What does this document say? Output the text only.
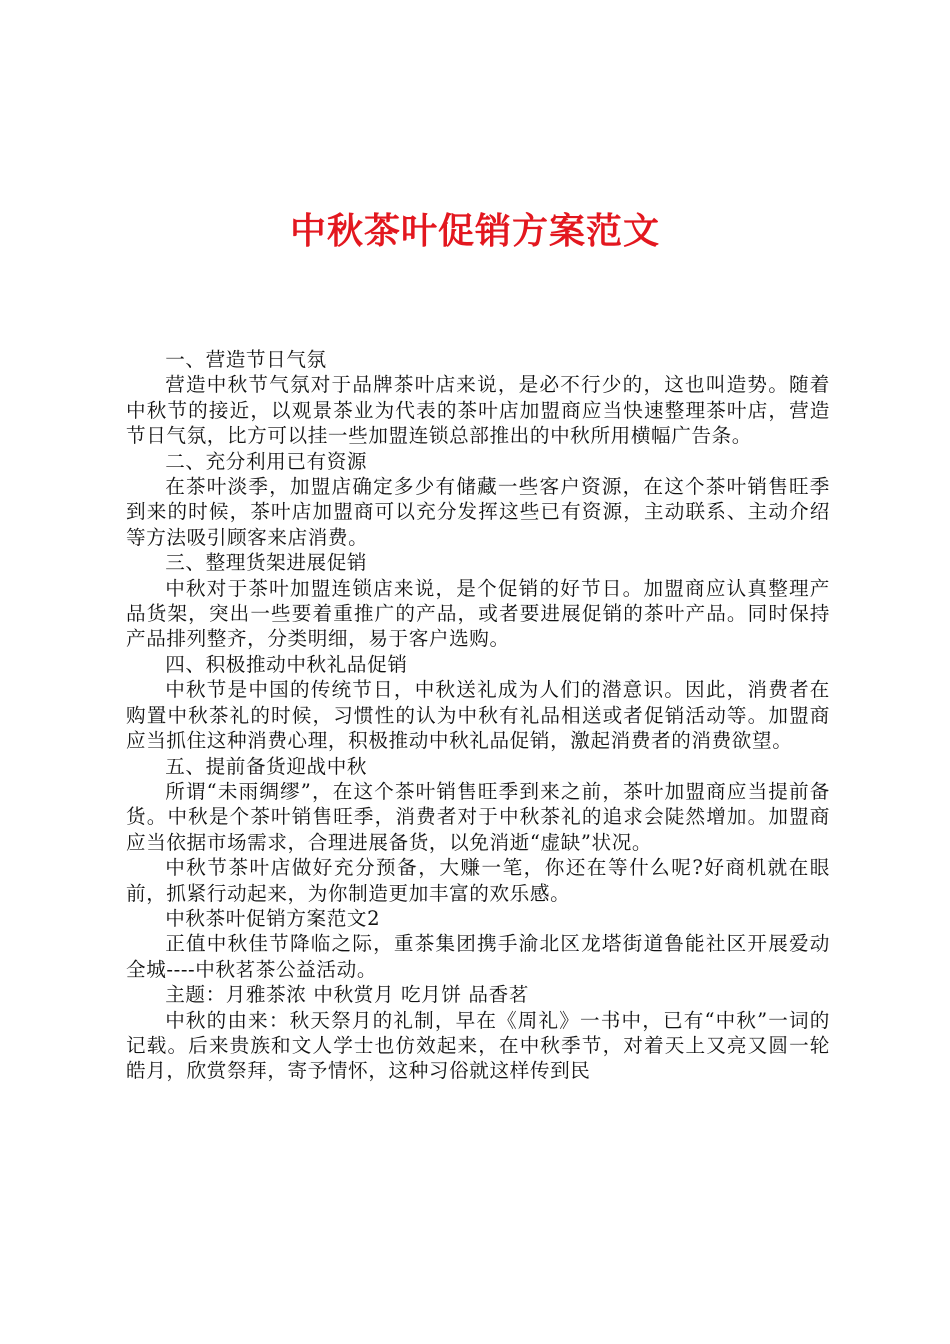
中秋茶叶促销方案范文

一、营造节日气氛

营造中秋节气氛对于品牌茶叶店来说，是必不行少的，这也叫造势。随着中秋节的接近，以观景茶业为代表的茶叶店加盟商应当快速整理茶叶店，营造节日气氛，比方可以挂一些加盟连锁总部推出的中秋所用横幅广告条。

二、充分利用已有资源

在茶叶淡季，加盟店确定多少有储藏一些客户资源，在这个茶叶销售旺季到来的时候，茶叶店加盟商可以充分发挥这些已有资源，主动联系、主动介绍等方法吸引顾客来店消费。

三、整理货架进展促销

中秋对于茶叶加盟连锁店来说，是个促销的好节日。加盟商应认真整理产品货架，突出一些要着重推广的产品，或者要进展促销的茶叶产品。同时保持产品排列整齐，分类明细，易于客户选购。

四、积极推动中秋礼品促销

中秋节是中国的传统节日，中秋送礼成为人们的潜意识。因此，消费者在购置中秋茶礼的时候，习惯性的认为中秋有礼品相送或者促销活动等。加盟商应当抓住这种消费心理，积极推动中秋礼品促销，激起消费者的消费欲望。

五、提前备货迎战中秋

所谓“未雨绸缪”，在这个茶叶销售旺季到来之前，茶叶加盟商应当提前备货。中秋是个茶叶销售旺季，消费者对于中秋茶礼的追求会陡然增加。加盟商应当依据市场需求，合理进展备货，以免消逝“虚缺”状况。

中秋节茶叶店做好充分预备，大赚一笔，你还在等什么呢?好商机就在眼前，抓紧行动起来，为你制造更加丰富的欢乐感。

中秋茶叶促销方案范文2

正值中秋佳节降临之际，重茶集团携手渝北区龙塔街道鲁能社区开展爱动全城----中秋茗茶公益活动。

主题：月雅茶浓 中秋赏月 吃月饼 品香茗

中秋的由来：秋天祭月的礼制，早在《周礼》一书中，已有“中秋”一词的记载。后来贵族和文人学士也仿效起来，在中秋季节，对着天上又亮又圆一轮皓月，欣赏祭拜，寄予情怀，这种习俗就这样传到民
